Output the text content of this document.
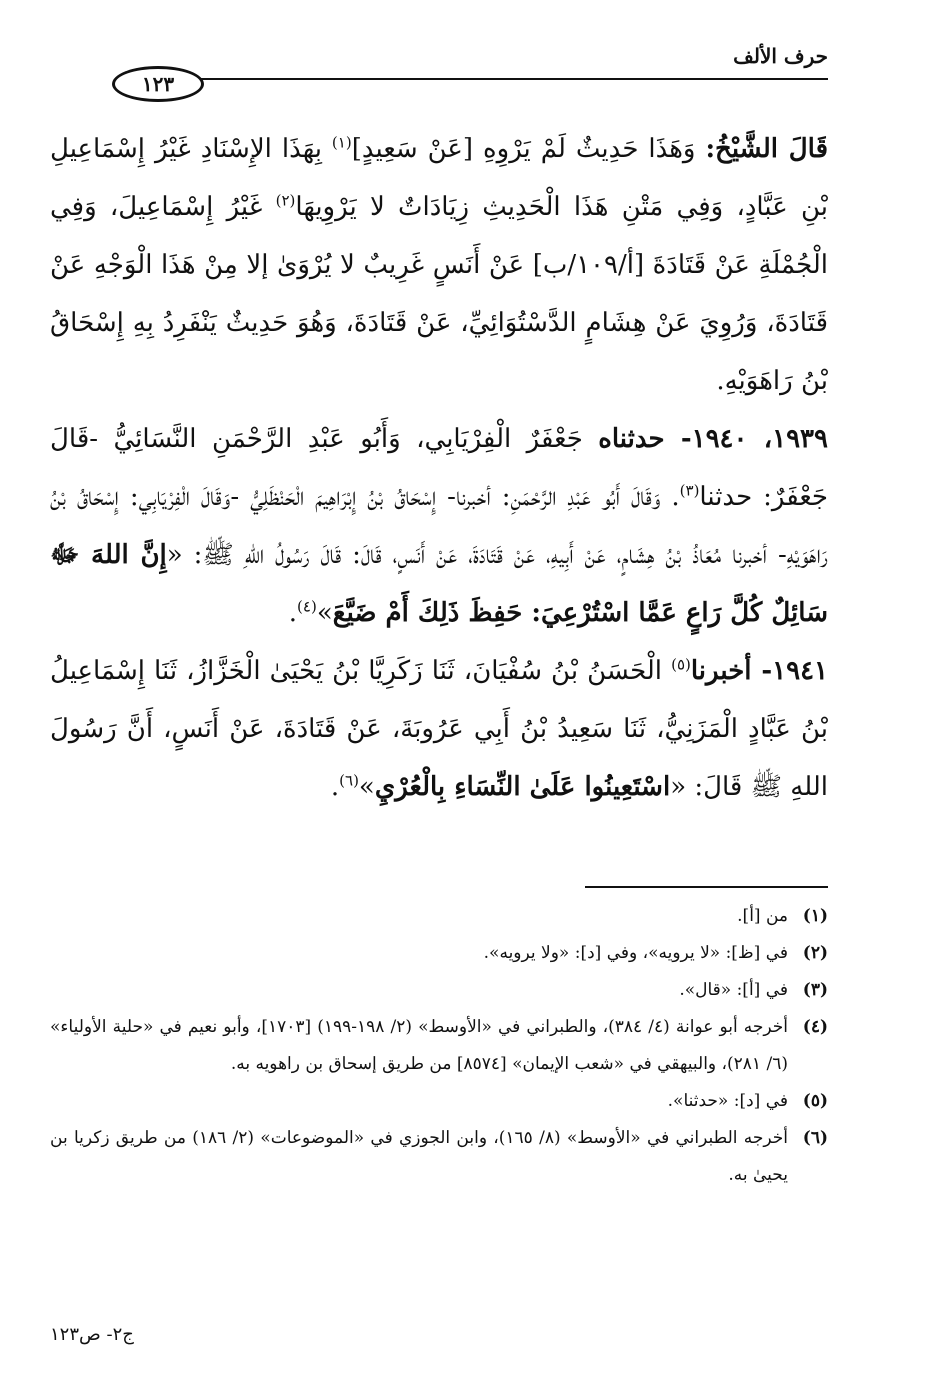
حرف الألف
١٢٣

قَالَ الشَّيْخُ: وَهَذَا حَدِيثٌ لَمْ يَرْوِهِ [عَنْ سَعِيدٍ]$^{(١)}$ بِهَذَا الإِسْنَادِ غَيْرُ إِسْمَاعِيلِ بْنِ عَبَّادٍ، وَفِي مَتْنِ هَذَا الْحَدِيثِ زِيَادَاتٌ لا يَرْوِيهَا$^{(٢)}$ غَيْرُ إِسْمَاعِيلَ، وَفِي الْجُمْلَةِ عَنْ قَتَادَةَ [أ/١٠٩/ب] عَنْ أَنَسٍ غَرِيبٌ لا يُرْوَىٰ إلا مِنْ هَذَا الْوَجْهِ عَنْ قَتَادَةَ، وَرُوِيَ عَنْ هِشَامٍ الدَّسْتُوَائِيِّ، عَنْ قَتَادَةَ، وَهُوَ حَدِيثٌ يَنْفَرِدُ بِهِ إِسْحَاقُ بْنُ رَاهَوَيْهِ.

١٩٣٩، ١٩٤٠- حدثناه جَعْفَرٌ الْفِرْيَابِي، وَأَبُو عَبْدِ الرَّحْمَنِ النَّسَائِيُّ -قَالَ جَعْفَرٌ: حدثنا$^{(٣)}$. وَقَالَ أَبُو عَبْدِ الرَّحْمَنِ: أخبرنا- إِسْحَاقُ بْنُ إِبْرَاهِيمَ الْحَنْظَلِيُّ -وَقَالَ الْفِرْيَابِي: إِسْحَاقُ بْنُ رَاهَوَيْهِ- أخبرنا مُعَاذُ بْنُ هِشَامٍ، عَنْ أَبِيهِ، عَنْ قَتَادَةَ، عَنْ أَنَسٍ، قَالَ: قَالَ رَسُولُ اللهِ ﷺ: «إِنَّ اللهَ ﷻ سَائِلٌ كُلَّ رَاعٍ عَمَّا اسْتُرْعِيَ: حَفِظَ ذَلِكَ أَمْ ضَيَّعَ»$^{(٤)}$.

١٩٤١- أخبرنا$^{(٥)}$ الْحَسَنُ بْنُ سُفْيَانَ، ثَنَا زَكَرِيَّا بْنُ يَحْيَىٰ الْخَزَّازُ، ثَنَا إِسْمَاعِيلُ بْنُ عَبَّادٍ الْمَزَنِيُّ، ثَنَا سَعِيدُ بْنُ أَبِي عَرُوبَةَ، عَنْ قَتَادَةَ، عَنْ أَنَسٍ، أَنَّ رَسُولَ اللهِ ﷺ قَالَ: «اسْتَعِينُوا عَلَىٰ النِّسَاءِ بِالْعُرْيِ»$^{(٦)}$.

(١)
من [أ].
(٢)
في [ظ]: «لا يرويه»، وفي [د]: «ولا يرويه».
(٣)
في [أ]: «قال».
(٤)
أخرجه أبو عوانة (٤/ ٣٨٤)، والطبراني في «الأوسط» (٢/ ١٩٨-١٩٩) [١٧٠٣]، وأبو نعيم في «حلية الأولياء» (٦/ ٢٨١)، والبيهقي في «شعب الإيمان» [٨٥٧٤] من طريق إسحاق بن راهويه به.
(٥)
في [د]: «حدثنا».
(٦)
أخرجه الطبراني في «الأوسط» (٨/ ١٦٥)، وابن الجوزي في «الموضوعات» (٢/ ١٨٦) من طريق زكريا بن يحيىٰ به.
ج٢- ص١٢٣
